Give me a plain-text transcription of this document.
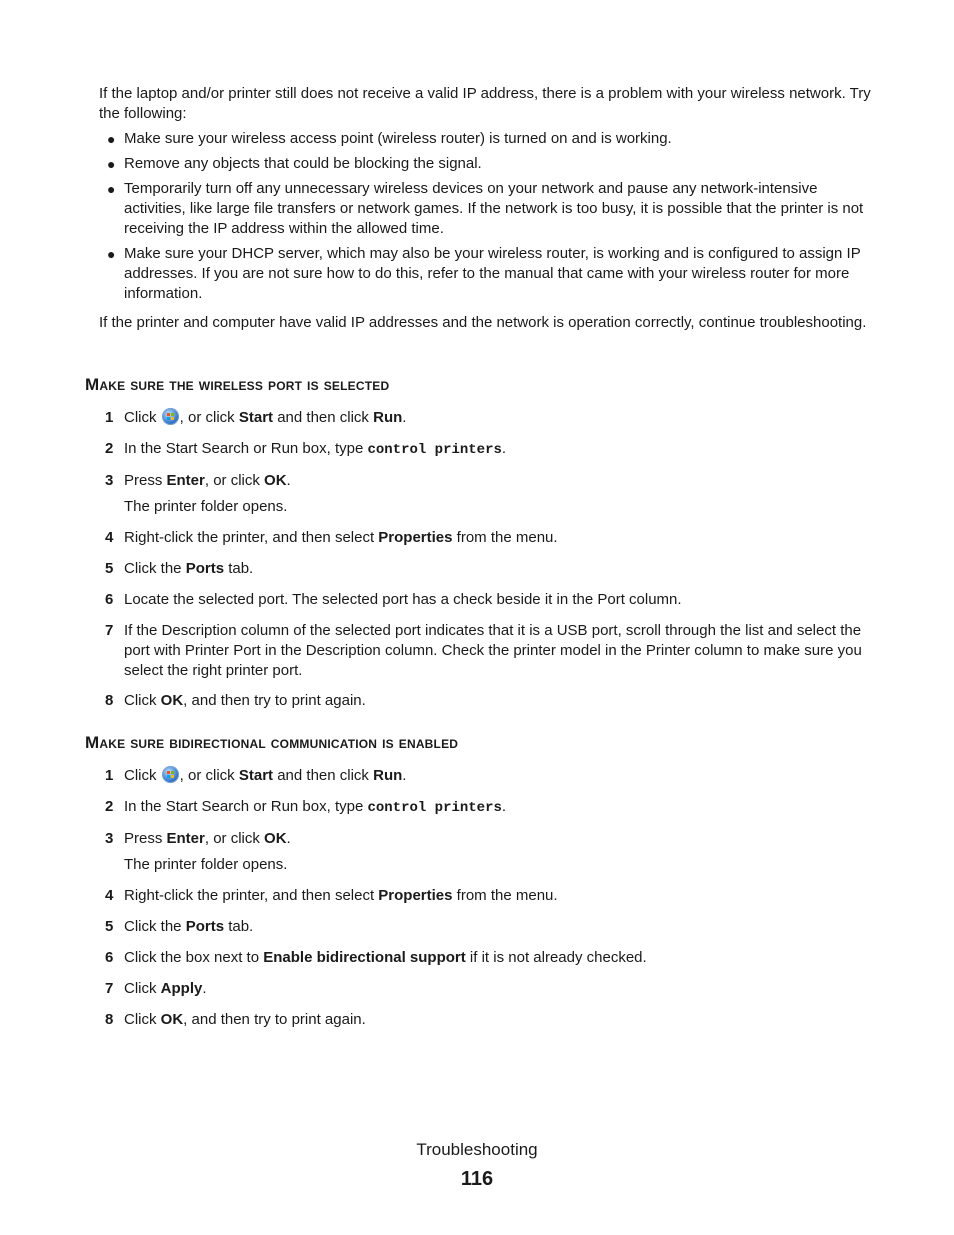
If the laptop and/or printer still does not receive a valid IP address, there is a problem with your wireless network. Try the following:

● Make sure your wireless access point (wireless router) is turned on and is working.
● Remove any objects that could be blocking the signal.
● Temporarily turn off any unnecessary wireless devices on your network and pause any network-intensive activities, like large file transfers or network games. If the network is too busy, it is possible that the printer is not receiving the IP address within the allowed time.
● Make sure your DHCP server, which may also be your wireless router, is working and is configured to assign IP addresses. If you are not sure how to do this, refer to the manual that came with your wireless router for more information.

If the printer and computer have valid IP addresses and the network is operation correctly, continue troubleshooting.

Make sure the wireless port is selected
1 Click , or click Start and then click Run.
2 In the Start Search or Run box, type control printers.
3 Press Enter, or click OK.
The printer folder opens.
4 Right-click the printer, and then select Properties from the menu.
5 Click the Ports tab.
6 Locate the selected port. The selected port has a check beside it in the Port column.
7 If the Description column of the selected port indicates that it is a USB port, scroll through the list and select the port with Printer Port in the Description column. Check the printer model in the Printer column to make sure you select the right printer port.
8 Click OK, and then try to print again.
Make sure bidirectional communication is enabled
1 Click , or click Start and then click Run.
2 In the Start Search or Run box, type control printers.
3 Press Enter, or click OK.
The printer folder opens.
4 Right-click the printer, and then select Properties from the menu.
5 Click the Ports tab.
6 Click the box next to Enable bidirectional support if it is not already checked.
7 Click Apply.
8 Click OK, and then try to print again.
Troubleshooting
116
